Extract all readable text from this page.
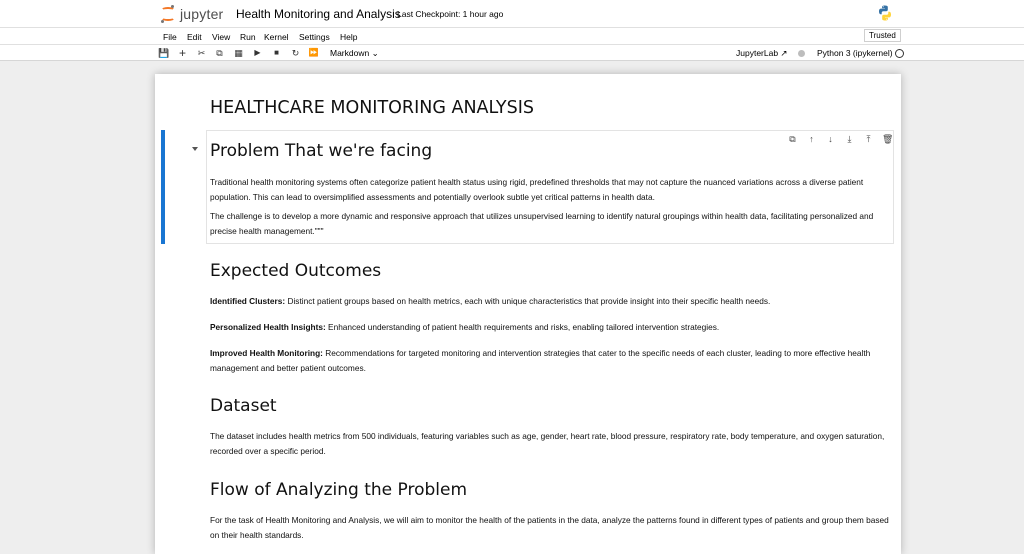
jupyter Health Monitoring and Analysis
Last Checkpoint: 1 hour ago
File Edit View Run Kernel Settings Help	Trusted
💾 + ✂ ⧉ ▦	▶	■	↻ ⏩ Markdown ⌄	JupyterLab ↗	Python 3 (ipykernel)
HEALTHCARE MONITORING ANALYSIS
⧉	↑	↓	⤓	⤒	🗑
Problem That we're facing

Traditional health monitoring systems often categorize patient health status using rigid, predefined thresholds that may not capture the nuanced variations across a diverse patient population. This can lead to oversimplified assessments and potentially overlook subtle yet critical patterns in health data.

The challenge is to develop a more dynamic and responsive approach that utilizes unsupervised learning to identify natural groupings within health data, facilitating personalized and precise health management."""

Expected Outcomes

Identified Clusters: Distinct patient groups based on health metrics, each with unique characteristics that provide insight into their specific health needs.

Personalized Health Insights: Enhanced understanding of patient health requirements and risks, enabling tailored intervention strategies.

Improved Health Monitoring: Recommendations for targeted monitoring and intervention strategies that cater to the specific needs of each cluster, leading to more effective health management and better patient outcomes.

Dataset

The dataset includes health metrics from 500 individuals, featuring variables such as age, gender, heart rate, blood pressure, respiratory rate, body temperature, and oxygen saturation, recorded over a specific period.

Flow of Analyzing the Problem

For the task of Health Monitoring and Analysis, we will aim to monitor the health of the patients in the data, analyze the patterns found in different types of patients and group them based on their health standards.
